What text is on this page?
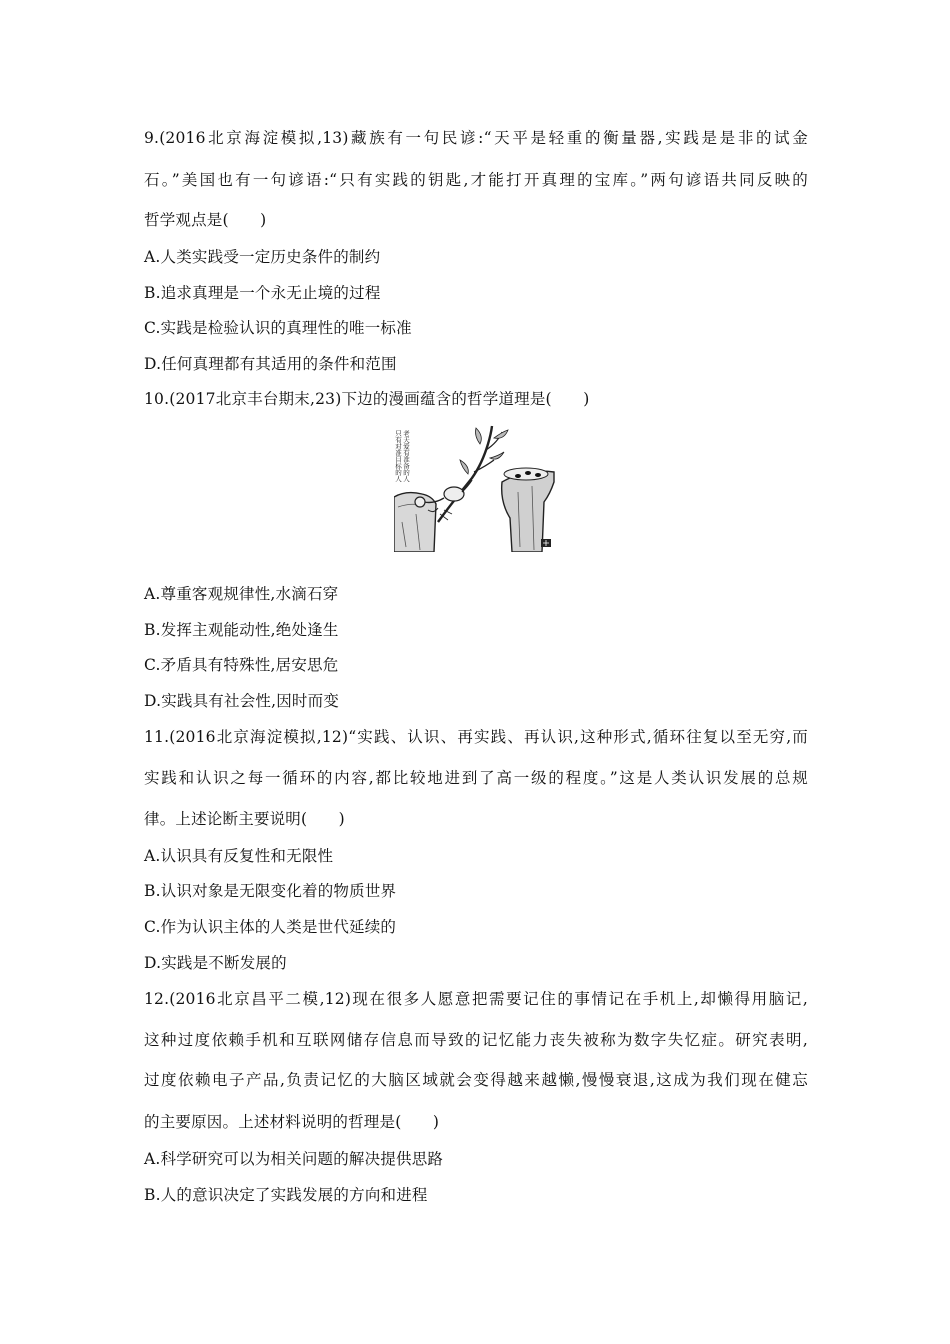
9.(2016北京海淀模拟,13)藏族有一句民谚:“天平是轻重的衡量器,实践是是非的试金
石。”美国也有一句谚语:“只有实践的钥匙,才能打开真理的宝库。”两句谚语共同反映的
哲学观点是(　　)
A.人类实践受一定历史条件的制约
B.追求真理是一个永无止境的过程
C.实践是检验认识的真理性的唯一标准
D.任何真理都有其适用的条件和范围
10.(2017北京丰台期末,23)下边的漫画蕴含的哲学道理是(　　)
老天爱有准备的人
只有对准目标的人
A.尊重客观规律性,水滴石穿
B.发挥主观能动性,绝处逢生
C.矛盾具有特殊性,居安思危
D.实践具有社会性,因时而变
11.(2016北京海淀模拟,12)“实践、认识、再实践、再认识,这种形式,循环往复以至无穷,而
实践和认识之每一循环的内容,都比较地进到了高一级的程度。”这是人类认识发展的总规
律。上述论断主要说明(　　)
A.认识具有反复性和无限性
B.认识对象是无限变化着的物质世界
C.作为认识主体的人类是世代延续的
D.实践是不断发展的
12.(2016北京昌平二模,12)现在很多人愿意把需要记住的事情记在手机上,却懒得用脑记,
这种过度依赖手机和互联网储存信息而导致的记忆能力丧失被称为数字失忆症。研究表明,
过度依赖电子产品,负责记忆的大脑区域就会变得越来越懒,慢慢衰退,这成为我们现在健忘
的主要原因。上述材料说明的哲理是(　　)
A.科学研究可以为相关问题的解决提供思路
B.人的意识决定了实践发展的方向和进程
